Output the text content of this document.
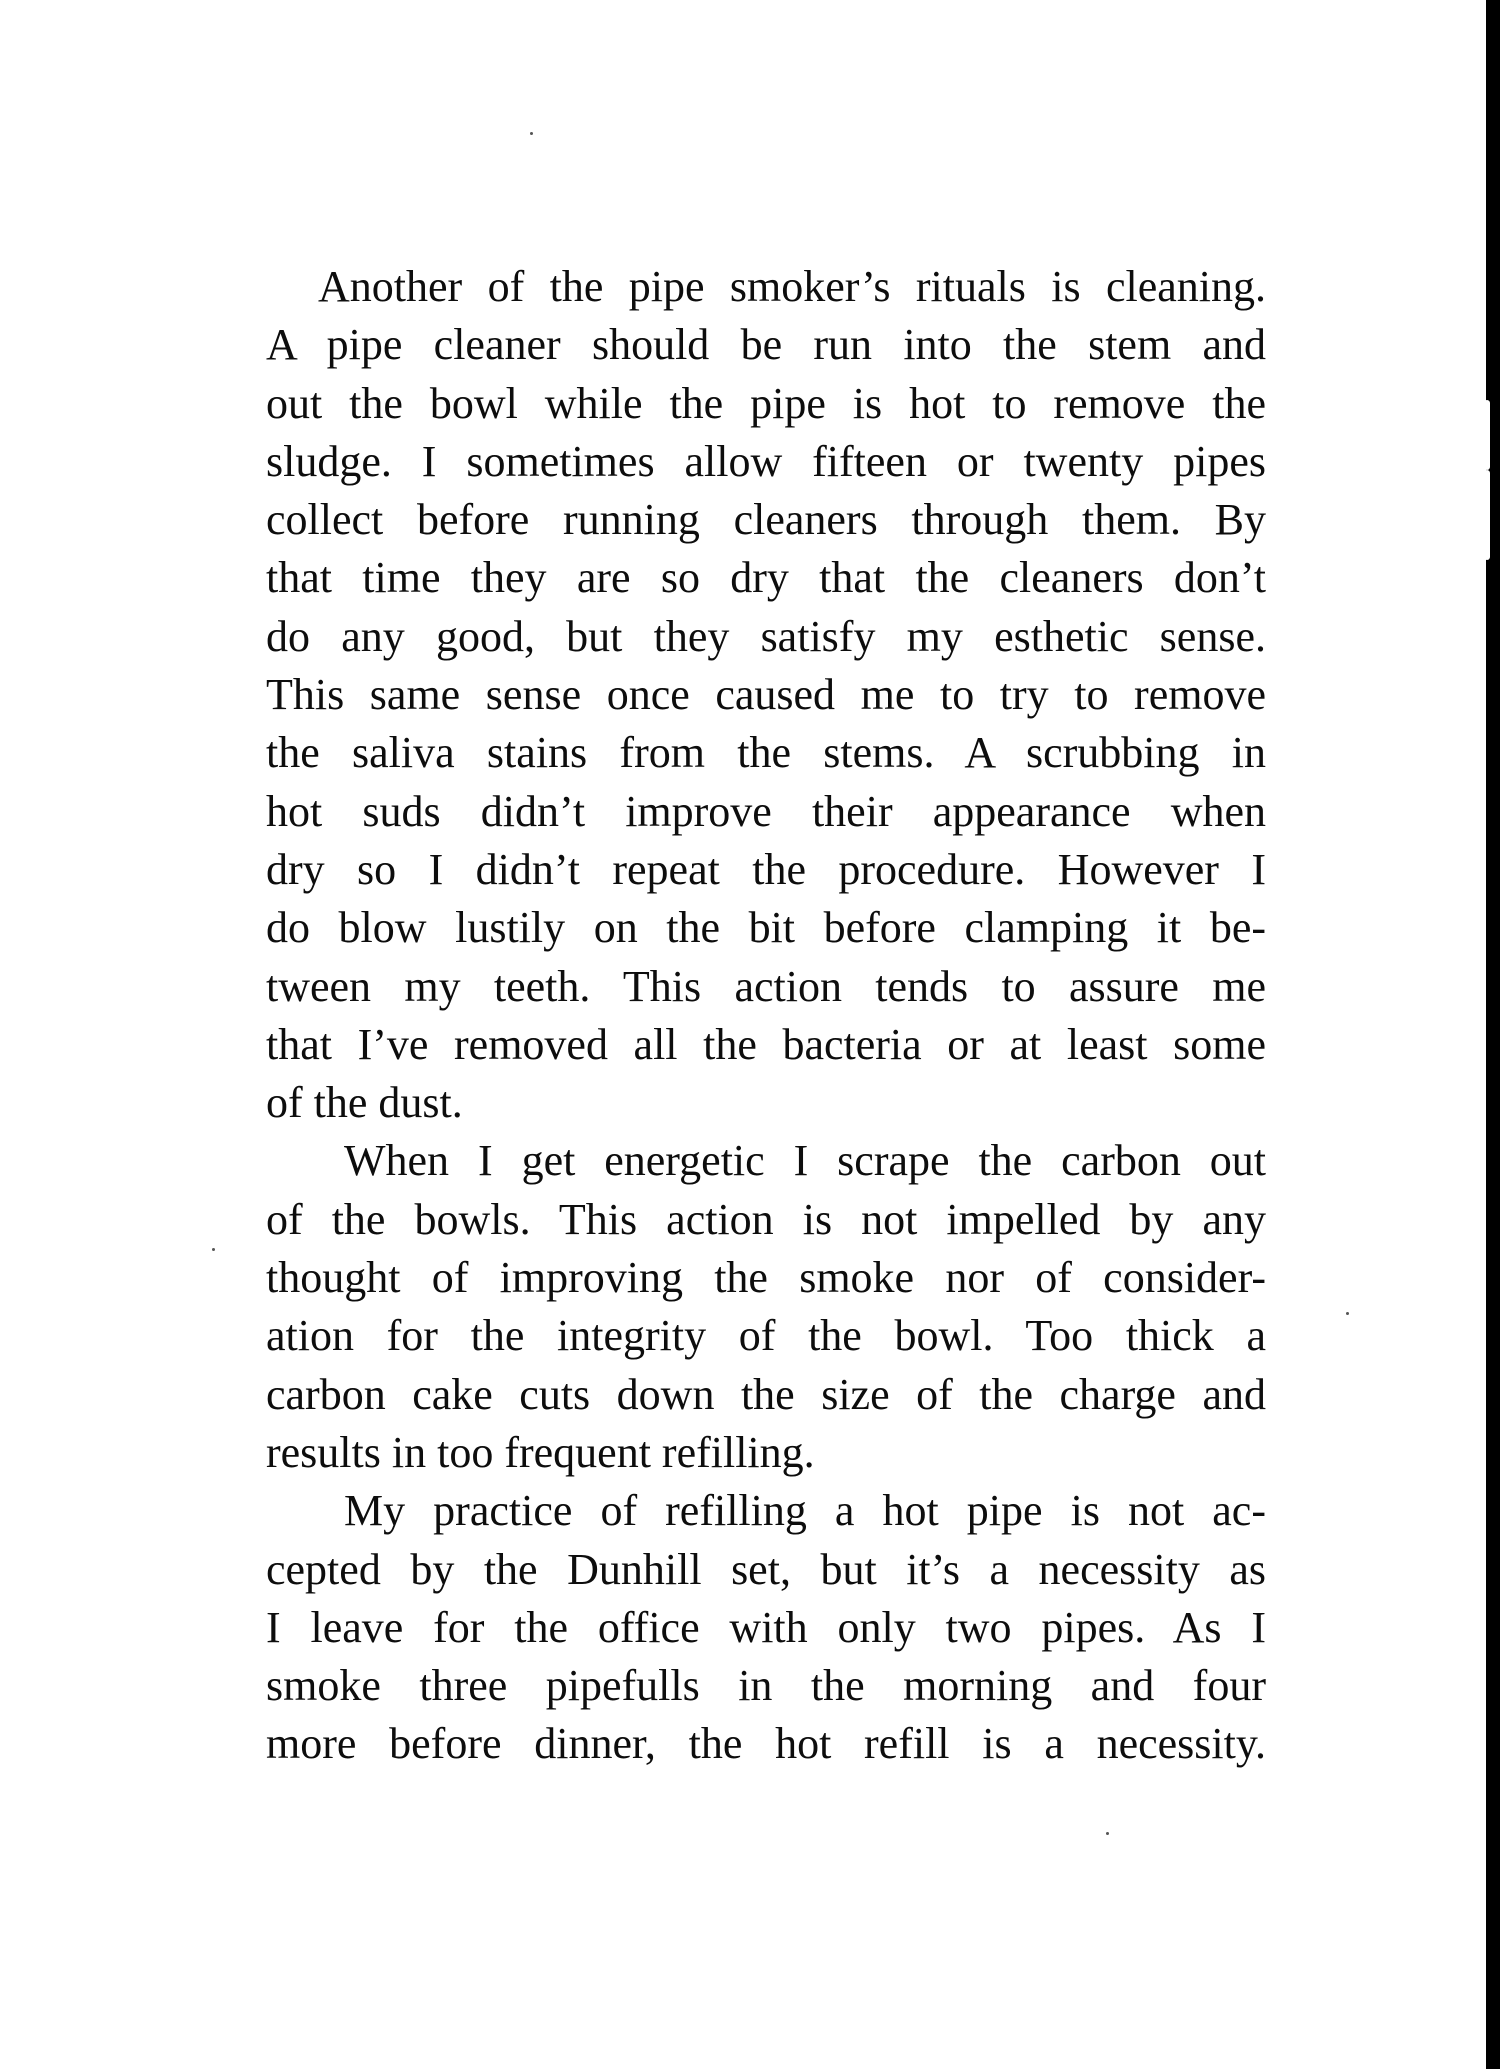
Another of the pipe smoker’s rituals is cleaning.
A pipe cleaner should be run into the stem and
out the bowl while the pipe is hot to remove the
sludge. I sometimes allow fifteen or twenty pipes
collect before running cleaners through them. By
that time they are so dry that the cleaners don’t
do any good, but they satisfy my esthetic sense.
This same sense once caused me to try to remove
the saliva stains from the stems. A scrubbing in
hot suds didn’t improve their appearance when
dry so I didn’t repeat the procedure. However I
do blow lustily on the bit before clamping it be-
tween my teeth. This action tends to assure me
that I’ve removed all the bacteria or at least some
of the dust.
When I get energetic I scrape the carbon out
of the bowls. This action is not impelled by any
thought of improving the smoke nor of consider-
ation for the integrity of the bowl. Too thick a
carbon cake cuts down the size of the charge and
results in too frequent refilling.
My practice of refilling a hot pipe is not ac-
cepted by the Dunhill set, but it’s a necessity as
I leave for the office with only two pipes. As I
smoke three pipefulls in the morning and four
more before dinner, the hot refill is a necessity.
